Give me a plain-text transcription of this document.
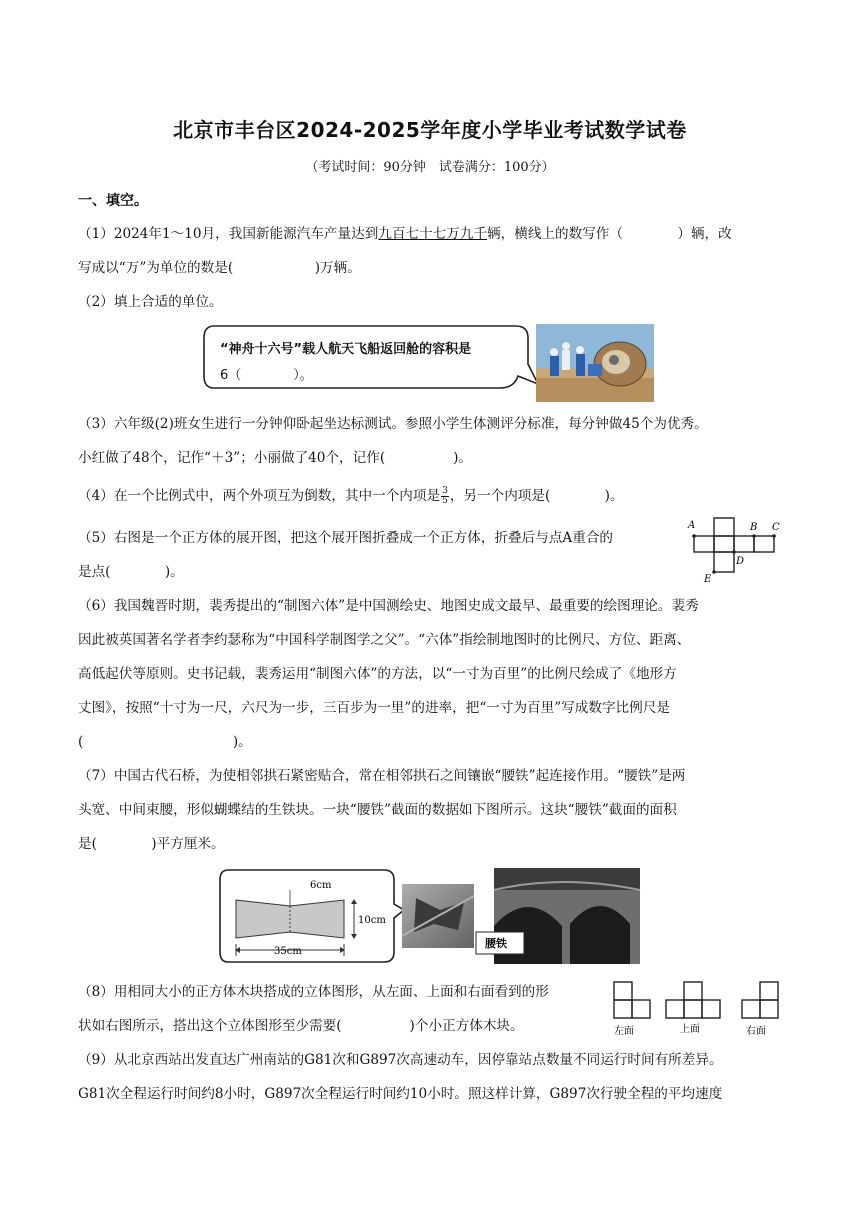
北京市丰台区2024-2025学年度小学毕业考试数学试卷
（考试时间：90分钟　试卷满分：100分）
一、填空。
（1）2024年1～10月，我国新能源汽车产量达到九百七十七万九千辆，横线上的数写作（　　　　）辆，改
写成以“万”为单位的数是(　　　　　　)万辆。
（2）填上合适的单位。
“神舟十六号”载人航天飞船返回舱的容积是
6（　　　　）。
（3）六年级(2)班女生进行一分钟仰卧起坐达标测试。参照小学生体测评分标准，每分钟做45个为优秀。
小红做了48个，记作“＋3”；小丽做了40个，记作(　　　　　)。
（4）在一个比例式中，两个外项互为倒数，其中一个内项是 $\frac{3}{5}$ ，另一个内项是(　　　　)。
（5）右图是一个正方体的展开图，把这个展开图折叠成一个正方体，折叠后与点A重合的
是点(　　　　)。
A	B C
D
E
（6）我国魏晋时期，裴秀提出的“制图六体”是中国测绘史、地图史成文最早、最重要的绘图理论。裴秀
因此被英国著名学者李约瑟称为“中国科学制图学之父”。“六体”指绘制地图时的比例尺、方位、距离、
高低起伏等原则。史书记载，裴秀运用“制图六体”的方法，以“一寸为百里”的比例尺绘成了《地形方
丈图》，按照“十寸为一尺，六尺为一步，三百步为一里”的进率，把“一寸为百里”写成数字比例尺是
(　　　　　　　　　　　)。
（7）中国古代石桥，为使相邻拱石紧密贴合，常在相邻拱石之间镶嵌“腰铁”起连接作用。“腰铁”是两
头宽、中间束腰，形似蝴蝶结的生铁块。一块“腰铁”截面的数据如下图所示。这块“腰铁”截面的面积
是(　　　　)平方厘米。
6cm
10cm
35cm
腰铁
（8）用相同大小的正方体木块搭成的立体图形，从左面、上面和右面看到的形
状如右图所示，搭出这个立体图形至少需要(　　　　　)个小正方体木块。	左面	上面	右面
（9）从北京西站出发直达广州南站的G81次和G897次高速动车，因停靠站点数量不同运行时间有所差异。
G81次全程运行时间约8小时，G897次全程运行时间约10小时。照这样计算，G897次行驶全程的平均速度
